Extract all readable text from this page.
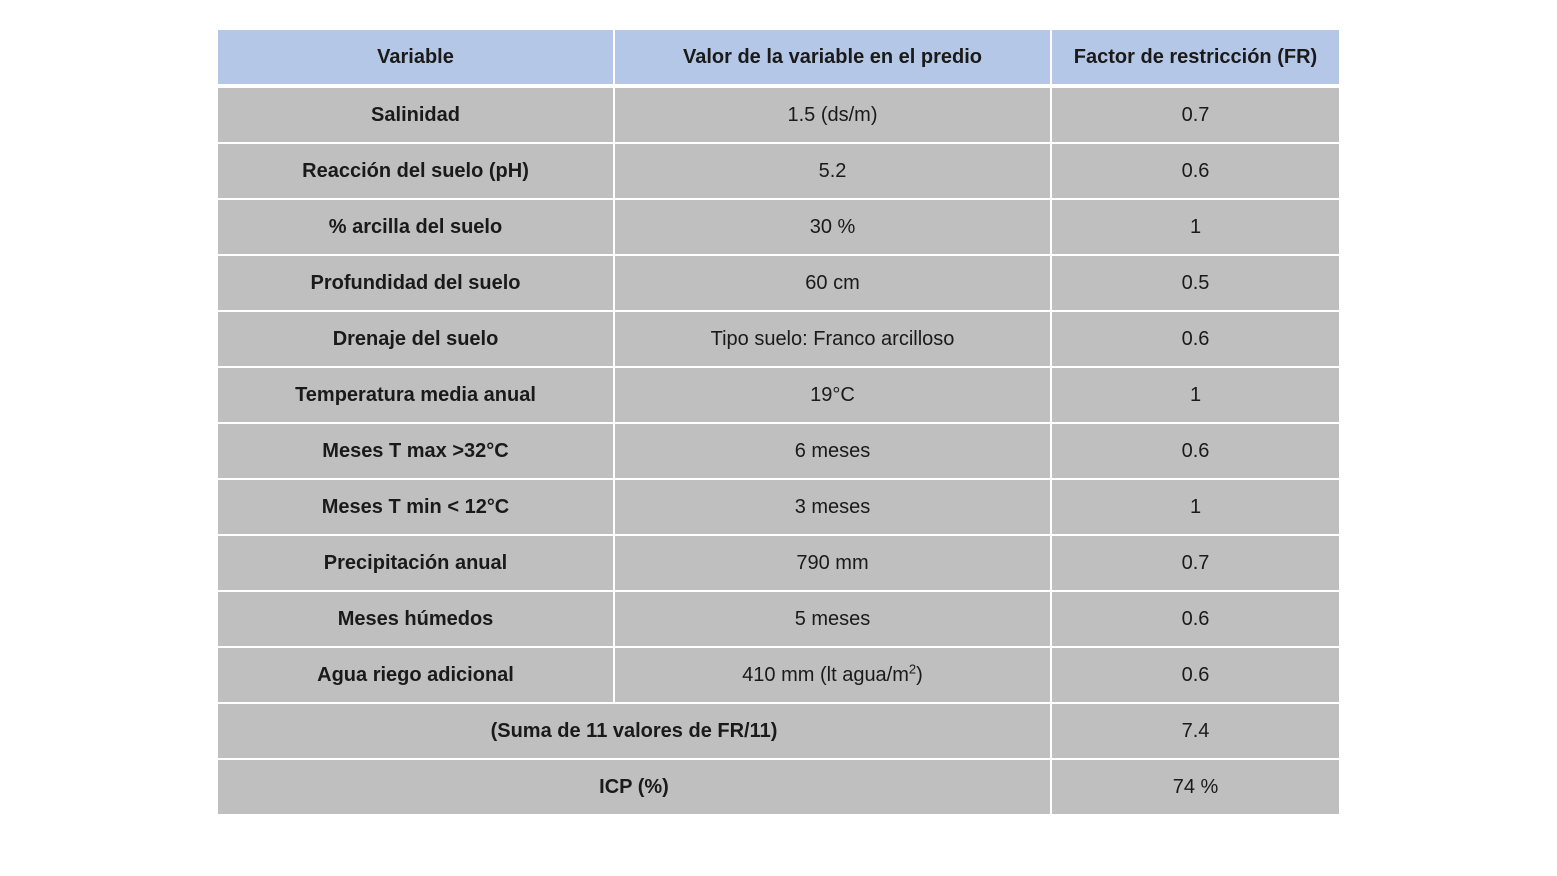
Variable	Valor de la variable en el predio	Factor de restricción (FR)
Salinidad	1.5 (ds/m)	0.7
Reacción del suelo (pH)	5.2	0.6
% arcilla del suelo	30 %	1
Profundidad del suelo	60 cm	0.5
Drenaje del suelo	Tipo suelo: Franco arcilloso	0.6
Temperatura media anual	19°C	1
Meses T max >32°C	6 meses	0.6
Meses T min < 12°C	3 meses	1
Precipitación anual	790 mm	0.7
Meses húmedos	5 meses	0.6
Agua riego adicional	410 mm (lt agua/$m^2$)	0.6
(Suma de 11 valores de FR/11)		7.4
ICP (%)		74 %
